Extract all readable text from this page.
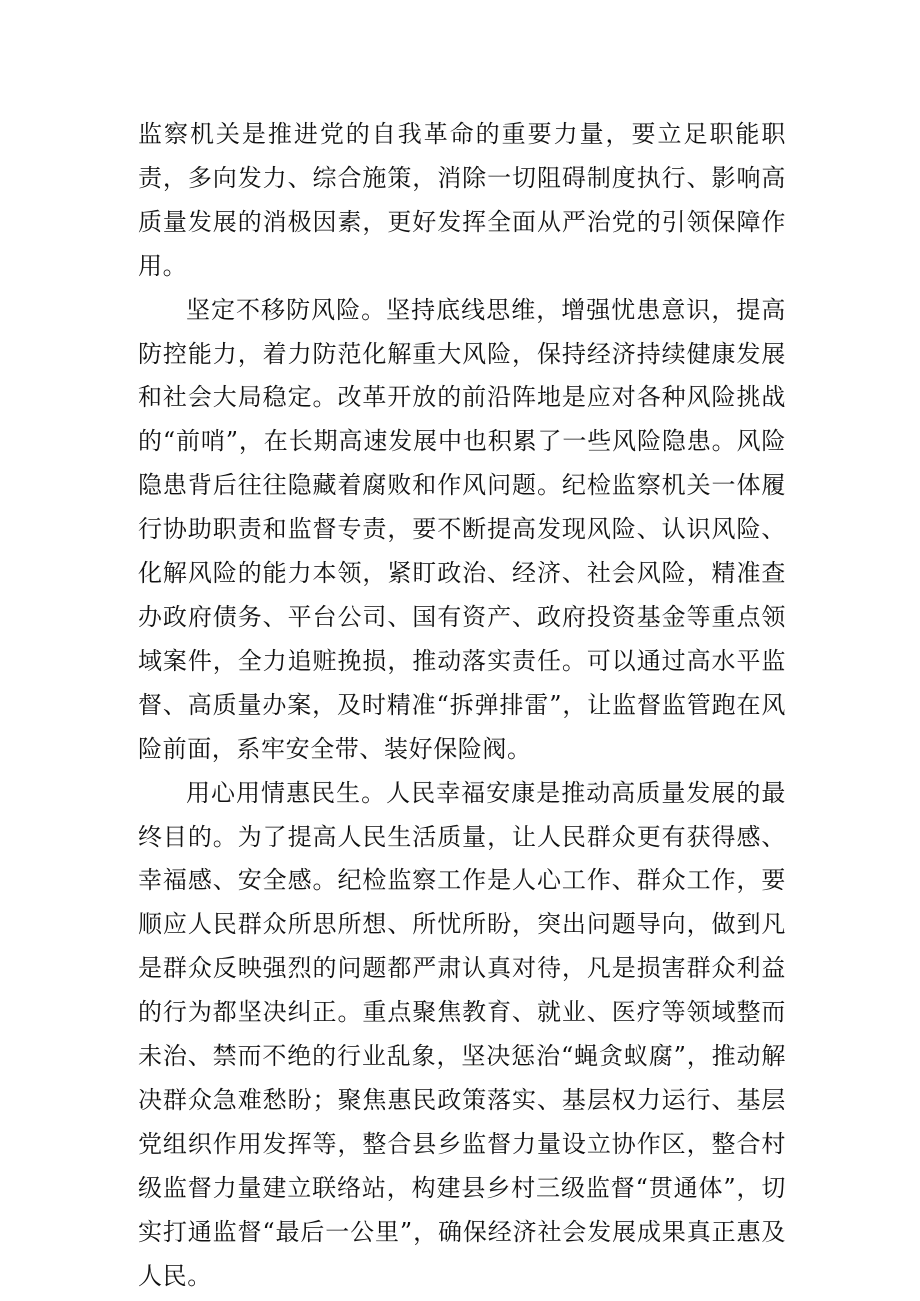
监察机关是推进党的自我革命的重要力量，要立足职能职责，多向发力、综合施策，消除一切阻碍制度执行、影响高质量发展的消极因素，更好发挥全面从严治党的引领保障作用。

坚定不移防风险。坚持底线思维，增强忧患意识，提高防控能力，着力防范化解重大风险，保持经济持续健康发展和社会大局稳定。改革开放的前沿阵地是应对各种风险挑战的“前哨”，在长期高速发展中也积累了一些风险隐患。风险隐患背后往往隐藏着腐败和作风问题。纪检监察机关一体履行协助职责和监督专责，要不断提高发现风险、认识风险、化解风险的能力本领，紧盯政治、经济、社会风险，精准查办政府债务、平台公司、国有资产、政府投资基金等重点领域案件，全力追赃挽损，推动落实责任。可以通过高水平监督、高质量办案，及时精准“拆弹排雷”，让监督监管跑在风险前面，系牢安全带、装好保险阀。

用心用情惠民生。人民幸福安康是推动高质量发展的最终目的。为了提高人民生活质量，让人民群众更有获得感、幸福感、安全感。纪检监察工作是人心工作、群众工作，要顺应人民群众所思所想、所忧所盼，突出问题导向，做到凡是群众反映强烈的问题都严肃认真对待，凡是损害群众利益的行为都坚决纠正。重点聚焦教育、就业、医疗等领域整而未治、禁而不绝的行业乱象，坚决惩治“蝇贪蚁腐”，推动解决群众急难愁盼；聚焦惠民政策落实、基层权力运行、基层党组织作用发挥等，整合县乡监督力量设立协作区，整合村级监督力量建立联络站，构建县乡村三级监督“贯通体”，切实打通监督“最后一公里”，确保经济社会发展成果真正惠及人民。
